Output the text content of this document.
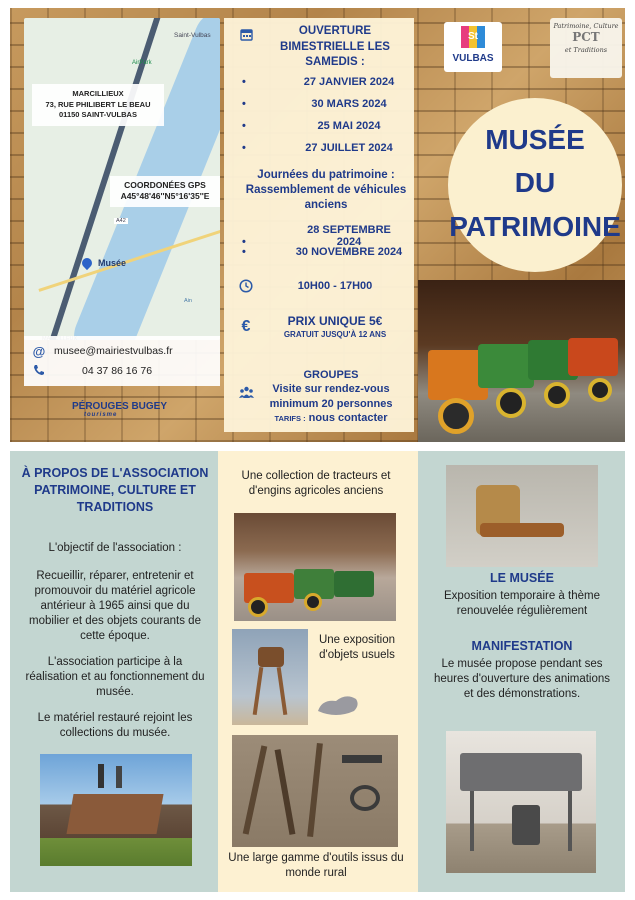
Saint-Vulbas
AirPark
A42
Ain
MARCILLIEUX
73, RUE PHILIBERT LE BEAU
01150 SAINT-VULBAS
COORDONÉES GPS
A45°48'46''N5°16'35''E
Musée
@ musee@mairiestvulbas.fr
04 37 86 16 76
PÉROUGES BUGEY
tourisme
OUVERTURE BIMESTRIELLE LES SAMEDIS :
•	27 JANVIER 2024
•	30 MARS 2024
•	25 MAI 2024
•	27 JUILLET 2024
Journées du patrimoine :
Rassemblement de véhicules anciens
•28 SEPTEMBRE 2024
•	30 NOVEMBRE 2024
10H00 - 17H00
€	PRIX UNIQUE 5€
GRATUIT JUSQU'À 12 ANS
GROUPES
Visite sur rendez-vous minimum 20 personnes
TARIFS : nous contacter
St
VULBAS
Patrimoine, Culture
PCT
et Traditions
MUSÉE
DU
PATRIMOINE
À PROPOS DE L'ASSOCIATION PATRIMOINE, CULTURE ET TRADITIONS
L'objectif de l'association :
Recueillir, réparer, entretenir et promouvoir du matériel agricole antérieur à 1965 ainsi que du mobilier et des objets courants de cette époque.
L'association participe à la réalisation et au fonctionnement du musée.
Le matériel restauré rejoint les collections du musée.
Une collection de tracteurs et d'engins agricoles anciens
Une exposition d'objets usuels
Une large gamme d'outils issus du monde rural
LE MUSÉE
Exposition temporaire à thème renouvelée régulièrement
MANIFESTATION
Le musée propose pendant ses heures d'ouverture des animations et des démonstrations.
